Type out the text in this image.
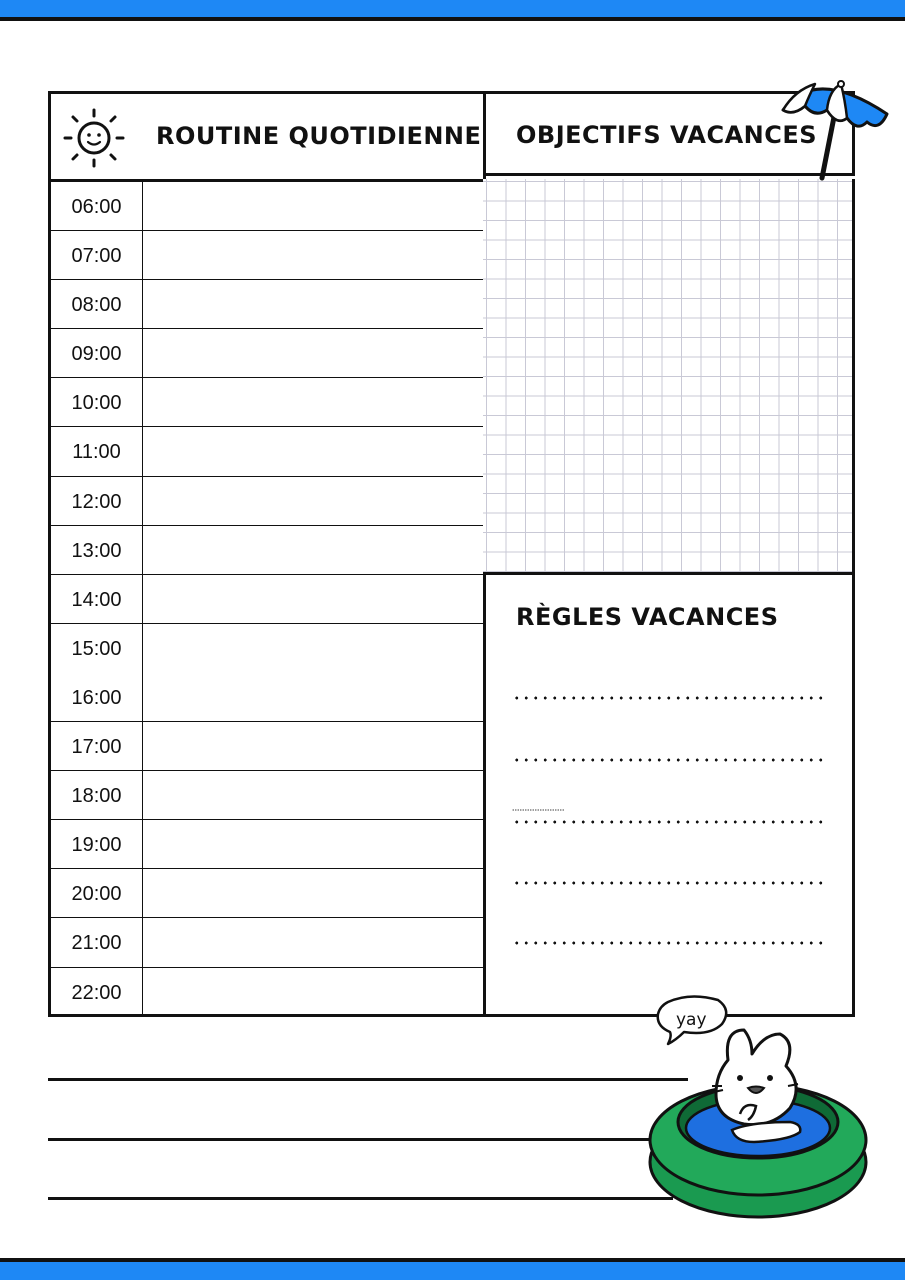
ROUTINE QUOTIDIENNE
06:00
07:00
08:00
09:00
10:00
11:00
12:00
13:00
14:00
15:00
16:00
17:00
18:00
19:00
20:00
21:00
22:00
OBJECTIFS VACANCES
RÈGLES VACANCES
yay
